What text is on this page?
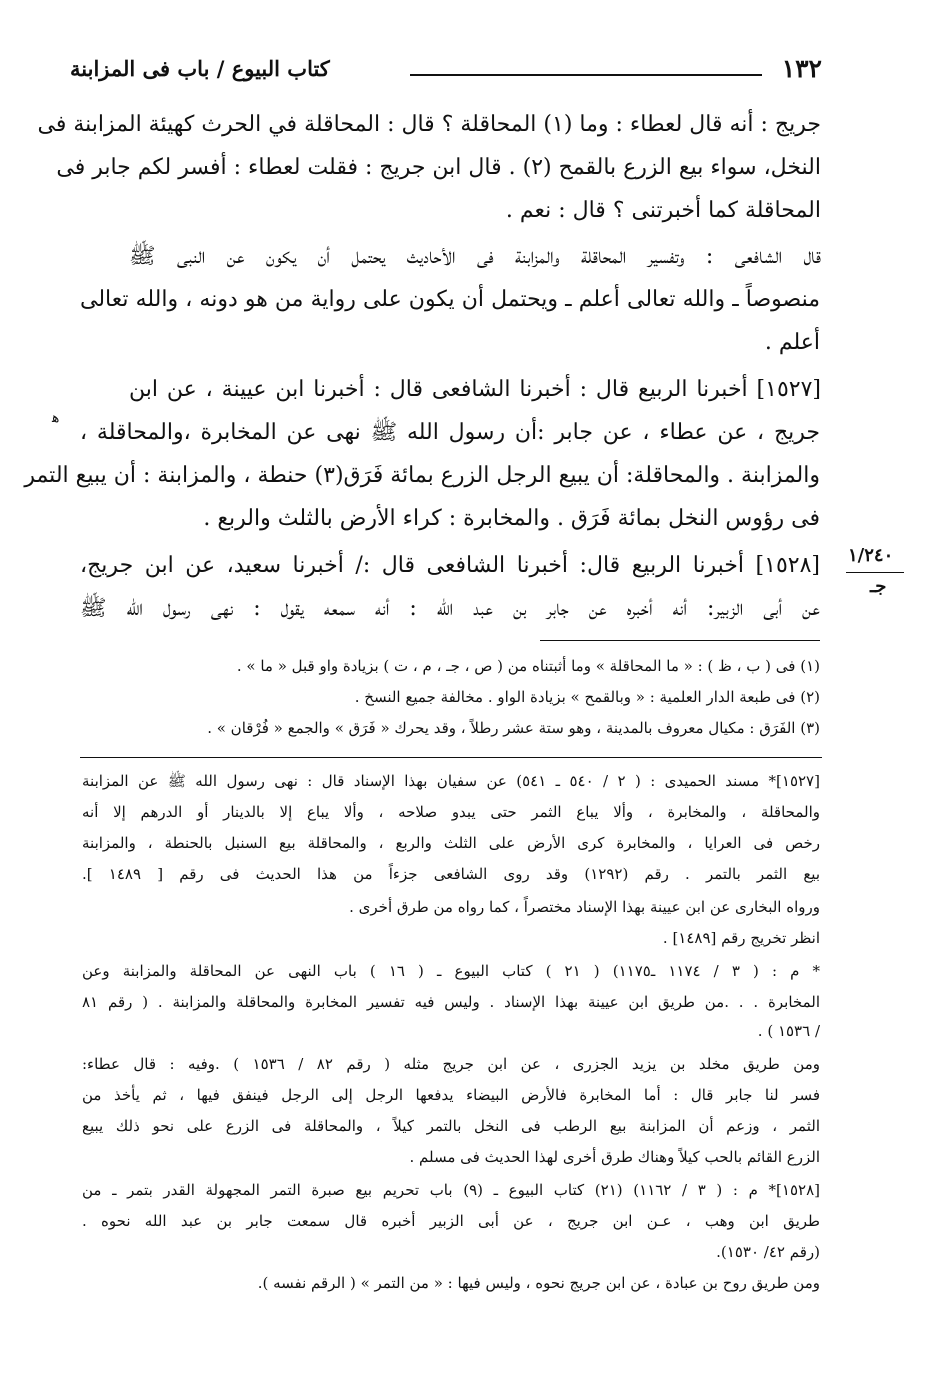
كتاب البيوع / باب فى المزابنة	١٣٢
جريج : أنه قال لعطاء : وما (١) المحاقلة ؟ قال : المحاقلة في الحرث كهيئة المزابنة فى
النخل، سواء بيع الزرع بالقمح (٢) . قال ابن جريج : فقلت لعطاء : أفسر لكم جابر فى
المحاقلة كما أخبرتنى ؟ قال : نعم .
قال الشافعى : وتفسير المحاقلة والمزابنة فى الأحاديث يحتمل أن يكون عن النبى ﷺ
منصوصاً ـ والله تعالى أعلم ـ ويحتمل أن يكون على رواية من هو دونه ، والله تعالى
أعلم .
[١٥٢٧] أخبرنا الربيع قال : أخبرنا الشافعى قال : أخبرنا ابن عيينة ، عن ابن
جريج ، عن عطاء ، عن جابر :أن رسول الله ﷺ نهى عن المخابرة ،والمحاقلة ،
والمزابنة . والمحاقلة: أن يبيع الرجل الزرع بمائة فَرَق(٣) حنطة ، والمزابنة : أن يبيع التمر
فى رؤوس النخل بمائة فَرَق . والمخابرة : كراء الأرض بالثلث والربع .
[١٥٢٨] أخبرنا الربيع قال: أخبرنا الشافعى قال :/ أخبرنا سعيد، عن ابن جريج،
عن أبى الزبير: أنه أخبره عن جابر بن عبد الله : أنه سمعه يقول : نهى رسول الله ﷺ
ﻫ
١/٢٤٠
جـ
(١) فى ( ب ، ظ ) : « ما المحاقلة » وما أثبتناه من ( ص ، جـ ، م ، ت ) بزيادة واو قبل « ما » .
(٢) فى طبعة الدار العلمية : « وبالقمح » بزيادة الواو . مخالفة جميع النسخ .
(٣) الفَرَق : مكيال معروف بالمدينة ، وهو ستة عشر رطلاً ، وقد يحرك « فَرَق » والجمع « فُرْقان » .
[١٥٢٧]* مسند الحميدى : ( ٢ / ٥٤٠ ـ ٥٤١) عن سفيان بهذا الإسناد قال : نهى رسول الله ﷺ عن المزابنة
والمحاقلة ، والمخابرة ، وألا يباع الثمر حتى يبدو صلاحه ، وألا يباع إلا بالدينار أو الدرهم إلا أنه
رخص فى العرايا ، والمخابرة كرى الأرض على الثلث والربع ، والمحاقلة بيع السنبل بالحنطة ، والمزابنة
بيع الثمر بالتمر . رقم (١٢٩٢) وقد روى الشافعى جزءاً من هذا الحديث فى رقم [ ١٤٨٩ ].
ورواه البخارى عن ابن عيينة بهذا الإسناد مختصراً ، كما رواه من طرق أخرى .
انظر تخريج رقم [١٤٨٩] .
* م : ( ٣ / ١١٧٤ ـ١١٧٥) ( ٢١ ) كتاب البيوع ـ ( ١٦ ) باب النهى عن المحاقلة والمزابنة وعن
المخابرة . . .من طريق ابن عيينة بهذا الإسناد . وليس فيه تفسير المخابرة والمحاقلة والمزابنة . ( رقم ٨١
/ ١٥٣٦ ) .
ومن طريق مخلد بن يزيد الجزرى ، عن ابن جريج مثله ( رقم ٨٢ / ١٥٣٦ ) .وفيه : قال عطاء:
فسر لنا جابر قال : أما المخابرة فالأرض البيضاء يدفعها الرجل إلى الرجل فينفق فيها ، ثم يأخذ من
الثمر ، وزعم أن المزابنة بيع الرطب فى النخل بالتمر كيلاً ، والمحاقلة فى الزرع على نحو ذلك يبيع
الزرع القائم بالحب كيلاً وهناك طرق أخرى لهذا الحديث فى مسلم .
[١٥٢٨]* م : ( ٣ / ١١٦٢) (٢١) كتاب البيوع ـ (٩) باب تحريم بيع صبرة التمر المجهولة القدر بتمر ـ من
طريق ابن وهب ، عـن ابن جريج ، عن أبى الزبير أخبره قال سمعت جابر بن عبد الله نحوه .
(رقم ٤٢/ ١٥٣٠).
ومن طريق روح بن عبادة ، عن ابن جريج نحوه ، وليس فيها : « من التمر » ( الرقم نفسه ).
